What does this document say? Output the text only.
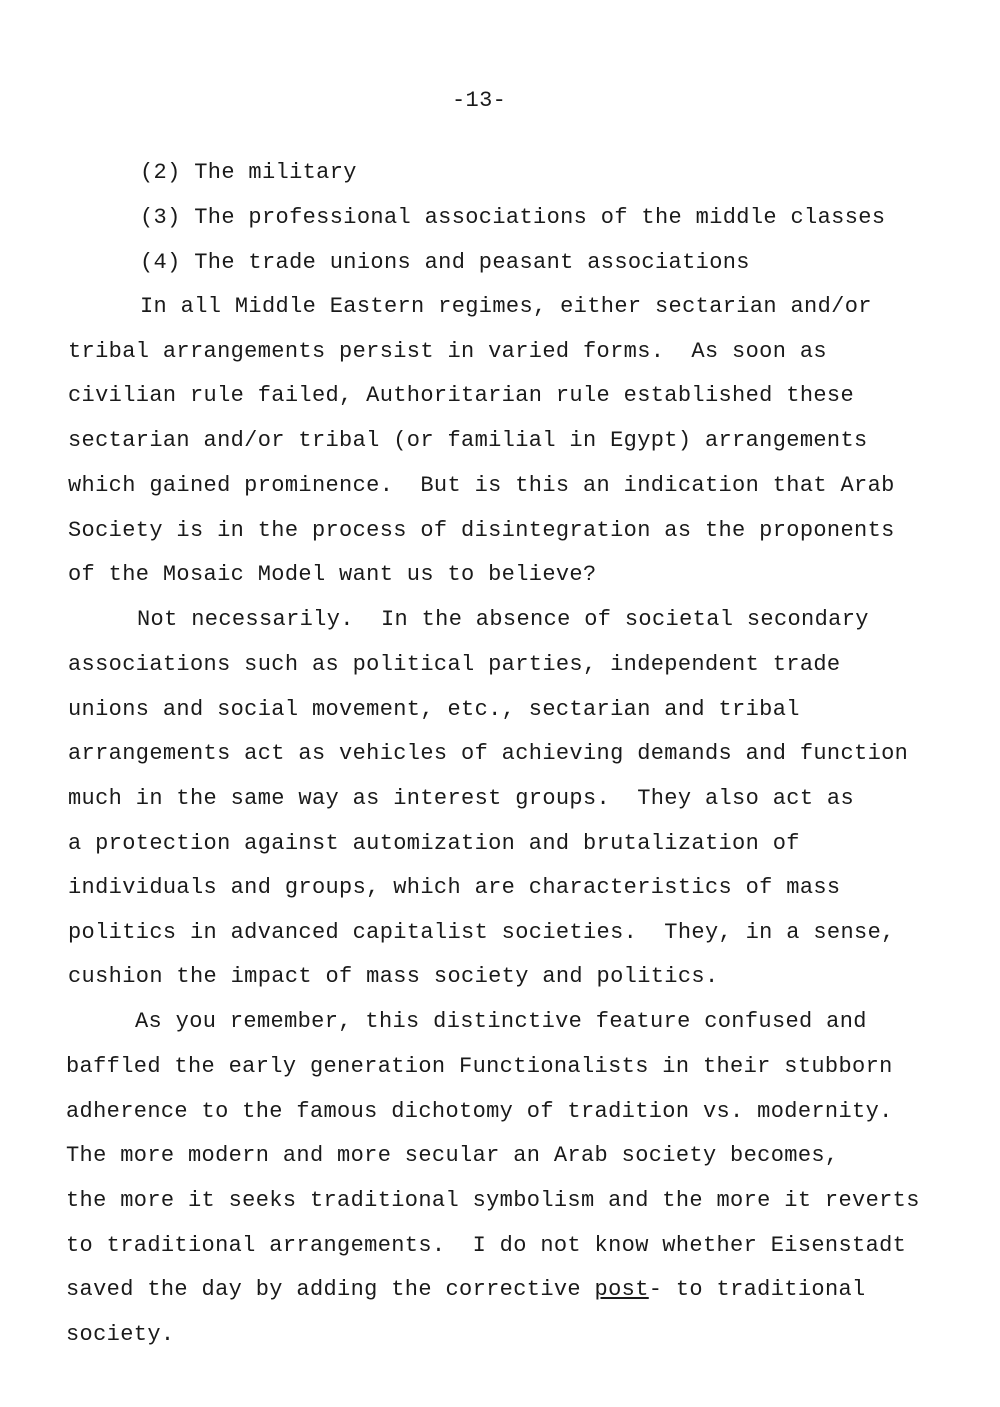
-13-
(2) The military
(3) The professional associations of the middle classes
(4) The trade unions and peasant associations
In all Middle Eastern regimes, either sectarian and/or
tribal arrangements persist in varied forms.  As soon as
civilian rule failed, Authoritarian rule established these
sectarian and/or tribal (or familial in Egypt) arrangements
which gained prominence.  But is this an indication that Arab
Society is in the process of disintegration as the proponents
of the Mosaic Model want us to believe?
Not necessarily.  In the absence of societal secondary
associations such as political parties, independent trade
unions and social movement, etc., sectarian and tribal
arrangements act as vehicles of achieving demands and function
much in the same way as interest groups.  They also act as
a protection against automization and brutalization of
individuals and groups, which are characteristics of mass
politics in advanced capitalist societies.  They, in a sense,
cushion the impact of mass society and politics.
As you remember, this distinctive feature confused and
baffled the early generation Functionalists in their stubborn
adherence to the famous dichotomy of tradition vs. modernity.
The more modern and more secular an Arab society becomes,
the more it seeks traditional symbolism and the more it reverts
to traditional arrangements.  I do not know whether Eisenstadt
saved the day by adding the corrective post- to traditional
society.
